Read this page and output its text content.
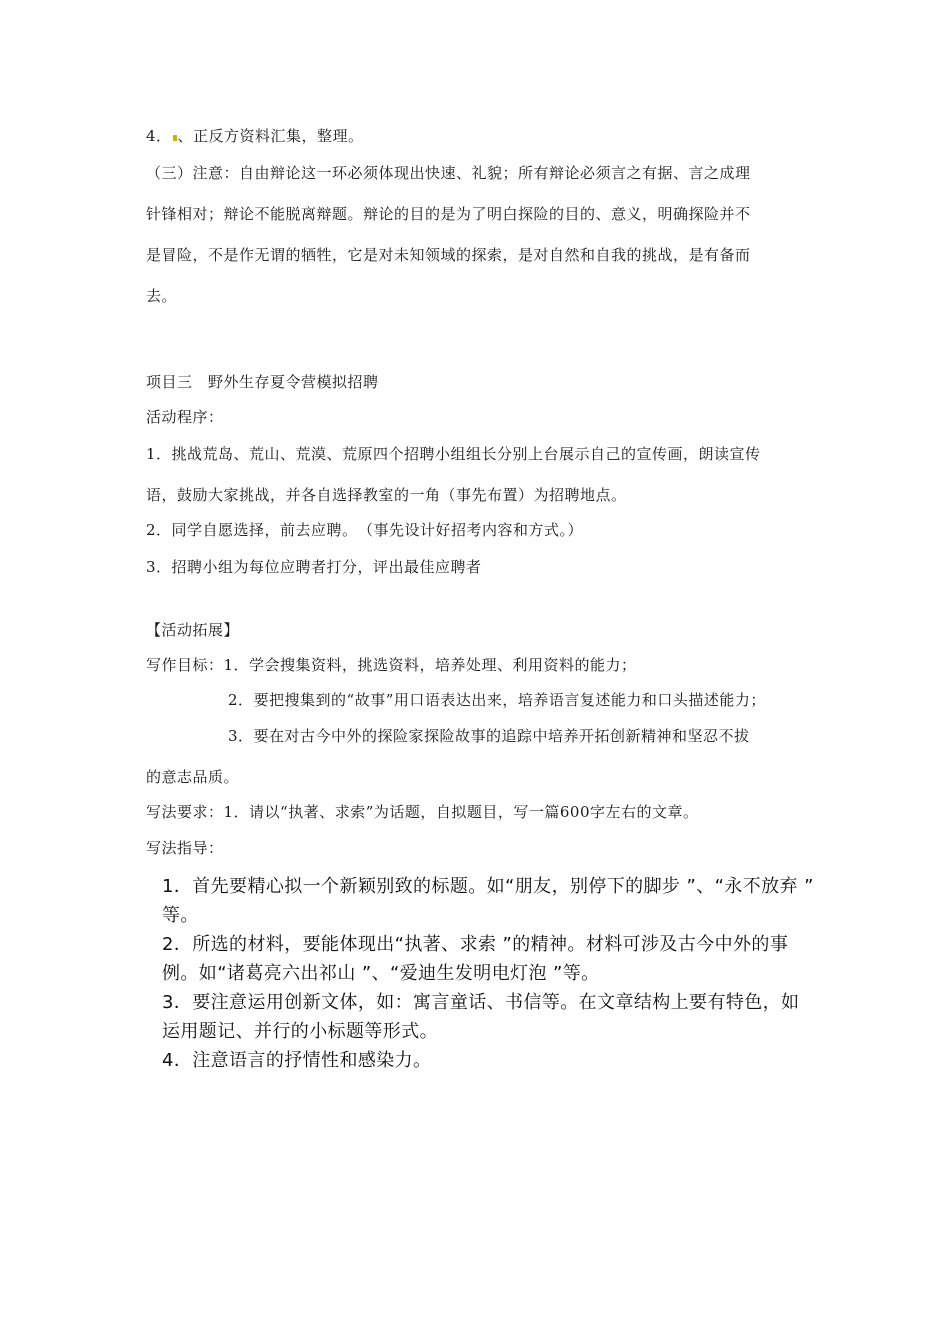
4． 、正反方资料汇集，整理。
（三）注意：自由辩论这一环必须体现出快速、礼貌；所有辩论必须言之有据、言之成理
针锋相对；辩论不能脱离辩题。辩论的目的是为了明白探险的目的、意义，明确探险并不
是冒险，不是作无谓的牺牲，它是对未知领域的探索，是对自然和自我的挑战，是有备而
去。
项目三　野外生存夏令营模拟招聘
活动程序：
1．挑战荒岛、荒山、荒漠、荒原四个招聘小组组长分别上台展示自己的宣传画，朗读宣传
语，鼓励大家挑战，并各自选择教室的一角（事先布置）为招聘地点。
2．同学自愿选择，前去应聘。　（事先设计好招考内容和方式。）
3．招聘小组为每位应聘者打分，评出最佳应聘者
【活动拓展】
写作目标：1．学会搜集资料，挑选资料，培养处理、利用资料的能力；
2．要把搜集到的“故事”用口语表达出来，培养语言复述能力和口头描述能力；
3．要在对古今中外的探险家探险故事的追踪中培养开拓创新精神和坚忍不拔
的意志品质。
写法要求：1．请以“执著、求索”为话题，自拟题目，写一篇600字左右的文章。
写法指导：
1．首先要精心拟一个新颖别致的标题。如“朋友，别停下的脚步 ”、“永不放弃 ”
等。
2．所选的材料，要能体现出“执著、求索 ”的精神。材料可涉及古今中外的事
例。如“诸葛亮六出祁山 ”、“爱迪生发明电灯泡 ”等。
3．要注意运用创新文体，如：寓言童话、书信等。在文章结构上要有特色，如
运用题记、并行的小标题等形式。
4．注意语言的抒情性和感染力。
